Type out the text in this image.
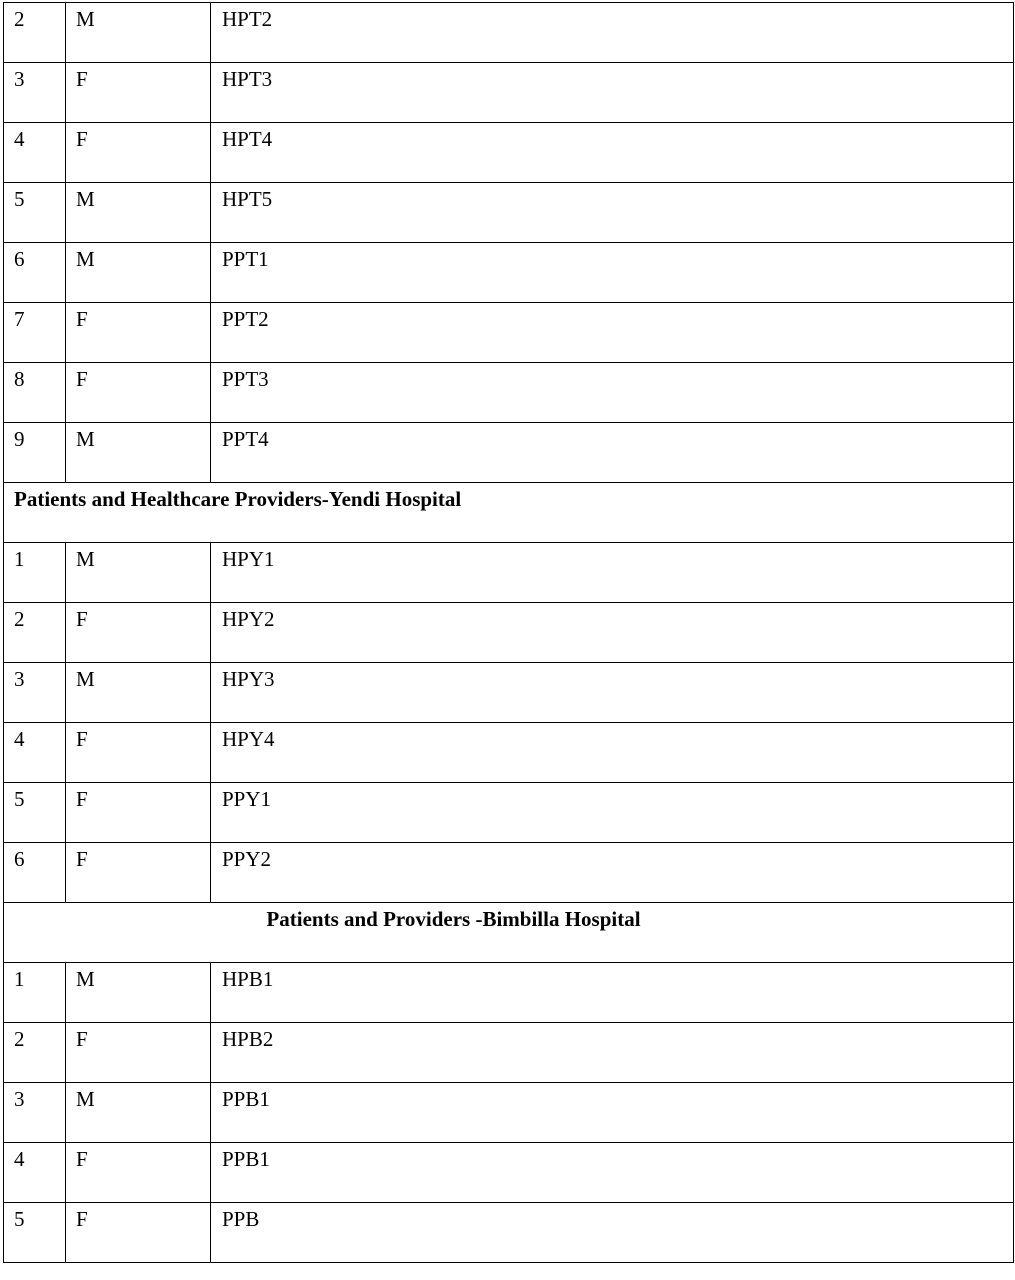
2	M	HPT2

3	F	HPT3

4	F	HPT4

5	M	HPT5

6	M	PPT1

7	F	PPT2

8	F	PPT3

9	M	PPT4

Patients and Healthcare Providers-Yendi Hospital		

1	M	HPY1

2	F	HPY2

3	M	HPY3

4	F	HPY4

5	F	PPY1

6	F	PPY2

Patients and Providers -Bimbilla Hospital		

1	M	HPB1

2	F	HPB2

3	M	PPB1

4	F	PPB1

5	F	PPB
